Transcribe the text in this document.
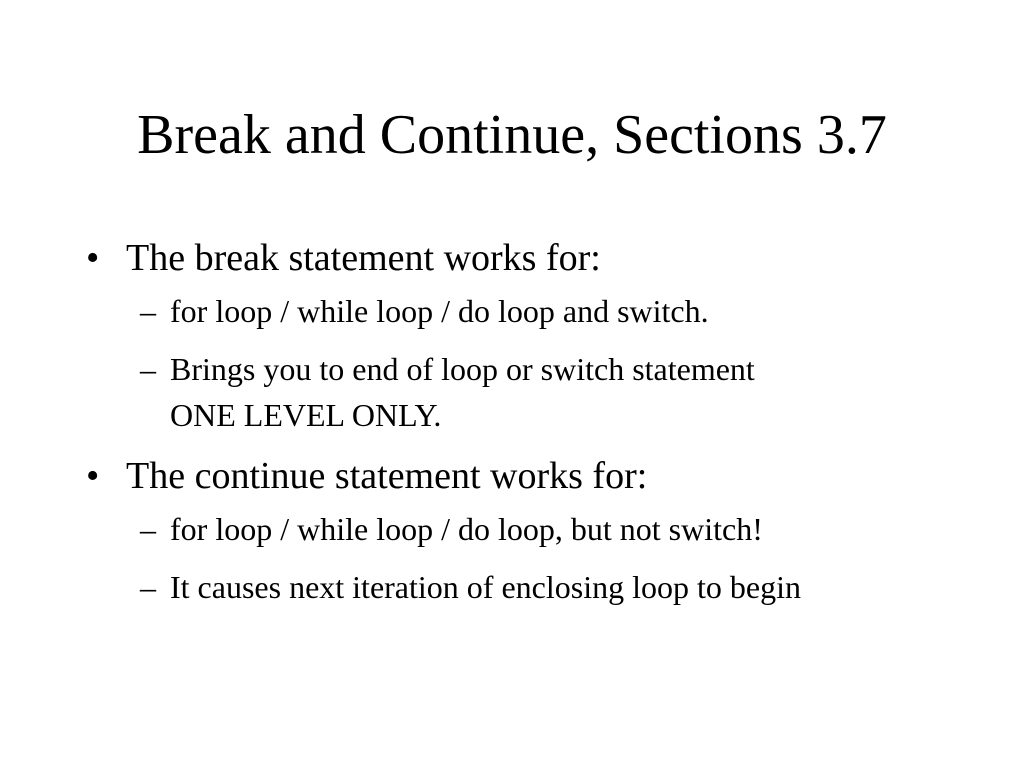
Break and Continue, Sections 3.7
• The break statement works for:
– for loop / while loop / do loop and switch.
– Brings you to end of loop or switch statement
ONE LEVEL ONLY.
• The continue statement works for:
– for loop / while loop / do loop, but not switch!
– It causes next iteration of enclosing loop to begin
